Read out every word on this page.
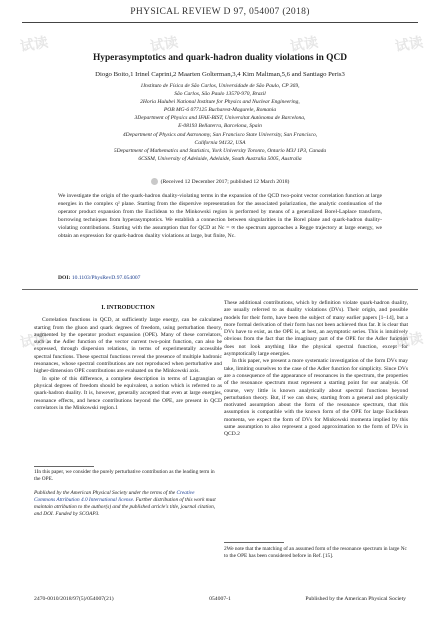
试读	试读	试读	试读
试读	试读
PHYSICAL REVIEW D 97, 054007 (2018)
Hyperasymptotics and quark-hadron duality violations in QCD
Diogo Boito,1 Irinel Caprini,2 Maarten Golterman,3,4 Kim Maltman,5,6 and Santiago Peris3
1Instituto de Física de São Carlos, Universidade de São Paulo, CP 369,
São Carlos, São Paulo 13570-970, Brazil
2Horia Hulubei National Institute for Physics and Nuclear Engineering,
POB MG-6 077125 Bucharest-Magurele, Romania
3Department of Physics and IFAE-BIST, Universitat Autònoma de Barcelona,
E-08193 Bellaterra, Barcelona, Spain
4Department of Physics and Astronomy, San Francisco State University, San Francisco,
California 94132, USA
5Department of Mathematics and Statistics, York University Toronto, Ontario M3J 1P3, Canada
6CSSM, University of Adelaide, Adelaide, South Australia 5005, Australia
(Received 12 December 2017; published 12 March 2018)
We investigate the origin of the quark-hadron duality-violating terms in the expansion of the QCD two-point vector correlation function at large energies in the complex q² plane. Starting from the dispersive representation for the associated polarization, the analytic continuation of the operator product expansion from the Euclidean to the Minkowski region is performed by means of a generalized Borel-Laplace transform, borrowing techniques from hyperasymptotics. We establish a connection between singularities in the Borel plane and quark-hadron duality-violating contributions. Starting with the assumption that for QCD at Nc = ∞ the spectrum approaches a Regge trajectory at large energy, we obtain an expression for quark-hadron duality violations at large, but finite, Nc.
DOI: 10.1103/PhysRevD.97.054007
I. INTRODUCTION

Correlation functions in QCD, at sufficiently large energy, can be calculated starting from the gluon and quark degrees of freedom, using perturbation theory, augmented by the operator product expansion (OPE). Many of these correlators, such as the Adler function of the vector current two-point function, can also be expressed, through dispersion relations, in terms of experimentally accessible spectral functions. These spectral functions reveal the presence of multiple hadronic resonances, whose spectral contributions are not reproduced when perturbative and higher-dimension OPE contributions are evaluated on the Minkowski axis.

In spite of this difference, a complete description in terms of Lagrangian or physical degrees of freedom should be equivalent, a notion which is referred to as quark-hadron duality. It is, however, generally accepted that even at large energies, resonance effects, and hence contributions beyond the OPE, are present in QCD correlators in the Minkowski region.1

These additional contributions, which by definition violate quark-hadron duality, are usually referred to as duality violations (DVs). Their origin, and possible models for their form, have been the subject of many earlier papers [1–14], but a more formal derivation of their form has not been achieved thus far. It is clear that DVs have to exist, as the OPE is, at best, an asymptotic series. This is intuitively obvious from the fact that the imaginary part of the OPE for the Adler function does not look anything like the physical spectral function, except for asymptotically large energies.

In this paper, we present a more systematic investigation of the form DVs may take, limiting ourselves to the case of the Adler function for simplicity. Since DVs are a consequence of the appearance of resonances in the spectrum, the properties of the resonance spectrum must represent a starting point for our analysis. Of course, very little is known analytically about spectral functions beyond perturbation theory. But, if we can show, starting from a general and physically motivated assumption about the form of the resonance spectrum, that this assumption is compatible with the known form of the OPE for large Euclidean momenta, we expect the form of DVs for Minkowski momenta implied by this same assumption to also represent a good approximation to the form of DVs in QCD.2

1In this paper, we consider the purely perturbative contribution as the leading term in the OPE.
Published by the American Physical Society under the terms of the Creative Commons Attribution 4.0 International license. Further distribution of this work must maintain attribution to the author(s) and the published article's title, journal citation, and DOI. Funded by SCOAP3.
2We note that the matching of an assumed form of the resonance spectrum in large Nc to the OPE has been considered before in Ref. [15].
2470-0010/2018/97(5)/054007(21)	054007-1	Published by the American Physical Society
